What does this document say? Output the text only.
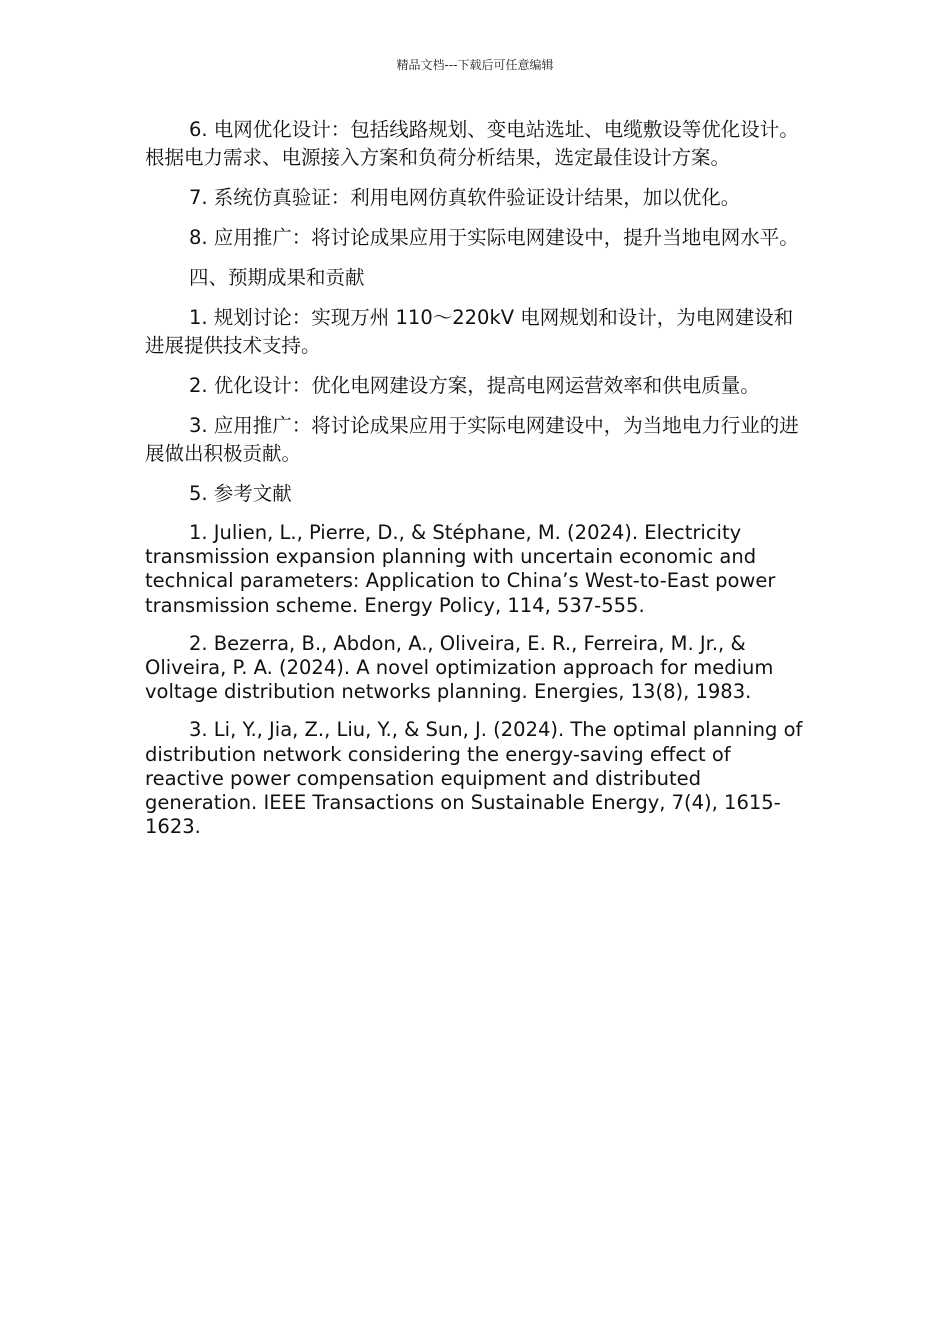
精品文档---下载后可任意编辑

6. 电网优化设计：包括线路规划、变电站选址、电缆敷设等优化设计。根据电力需求、电源接入方案和负荷分析结果，选定最佳设计方案。

7. 系统仿真验证：利用电网仿真软件验证设计结果，加以优化。

8. 应用推广：将讨论成果应用于实际电网建设中，提升当地电网水平。

四、预期成果和贡献

1. 规划讨论：实现万州 110～220kV 电网规划和设计，为电网建设和进展提供技术支持。

2. 优化设计：优化电网建设方案，提高电网运营效率和供电质量。

3. 应用推广：将讨论成果应用于实际电网建设中，为当地电力行业的进展做出积极贡献。

5. 参考文献

1. Julien, L., Pierre, D., & Stéphane, M. (2024). Electricity transmission expansion planning with uncertain economic and technical parameters: Application to China’s West-to-East power transmission scheme. Energy Policy, 114, 537-555.

2. Bezerra, B., Abdon, A., Oliveira, E. R., Ferreira, M. Jr., & Oliveira, P. A. (2024). A novel optimization approach for medium voltage distribution networks planning. Energies, 13(8), 1983.

3. Li, Y., Jia, Z., Liu, Y., & Sun, J. (2024). The optimal planning of distribution network considering the energy-saving effect of reactive power compensation equipment and distributed generation. IEEE Transactions on Sustainable Energy, 7(4), 1615-1623.
